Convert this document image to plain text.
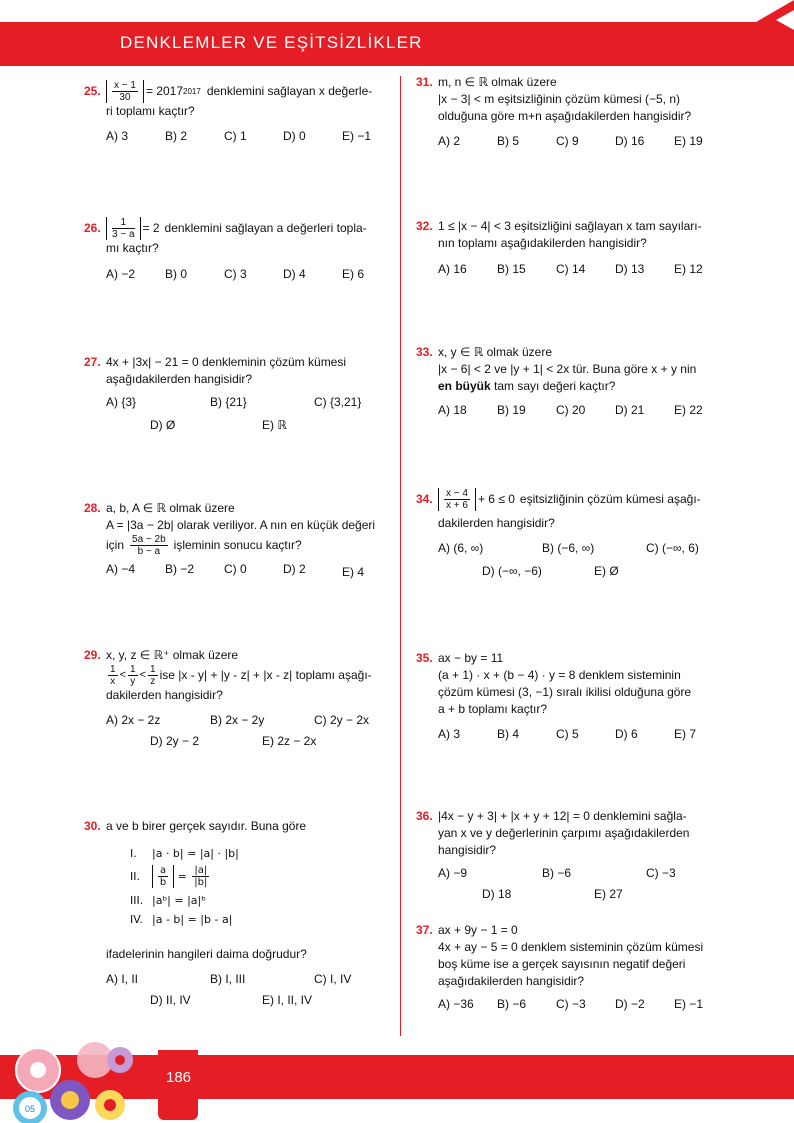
DENKLEMLER VE EŞİTSİZLİKLER
25.	$\frac{x - 1}{30} = 2017$ 2017 denklemini sağlayan x değerle-
ri toplamı kaçtır?
A) 3	B) 2	C) 1	D) 0	E) −1
26.	$\frac{1}{3 - a} = 2$ denklemini sağlayan a değerleri topla-
mı kaçtır?
A) −2	B) 0	C) 3	D) 4	E) 6
27. 4x + |3x| − 21 = 0 denkleminin çözüm kümesi
aşağıdakilerden hangisidir?
A) {3}	B) {21}	C) {3,21}
D) Ø	E) ℝ
28. a, b, A ∈ ℝ olmak üzere
A = |3a − 2b| olarak veriliyor. A nın en küçük değeri
için $\frac{5a - 2b}{b - a}$ işleminin sonucu kaçtır?
A) −4	B) −2	C) 0	D) 2	E) 4
29. x, y, z ∈ ℝ⁺ olmak üzere
$\frac{1}{x} < \frac{1}{y} < \frac{1}{z}$ ise |x - y| + |y - z| + |x - z| toplamı aşağı-
dakilerden hangisidir?
A) 2x − 2z	B) 2x − 2y	C) 2y − 2x
D) 2y − 2	E) 2z − 2x
30. a ve b birer gerçek sayıdır. Buna göre
I.	|a · b| = |a| · |b|
II.	$\frac{a}{b} = \frac{|a|}{|b|}$
III. |aᵇ| = |a|ᵇ
IV. |a - b| = |b - a|
ifadelerinin hangileri daima doğrudur?
A) I, II	B) I, III	C) I, IV
D) II, IV	E) I, II, IV
31. m, n ∈ ℝ olmak üzere
|x − 3| < m eşitsizliğinin çözüm kümesi (−5, n)
olduğuna göre m+n aşağıdakilerden hangisidir?
A) 2	B) 5	C) 9	D) 16	E) 19
32. 1 ≤ |x − 4| < 3 eşitsizliğini sağlayan x tam sayıları-
nın toplamı aşağıdakilerden hangisidir?
A) 16	B) 15	C) 14	D) 13	E) 12
33. x, y ∈ ℝ olmak üzere
|x − 6| < 2 ve |y + 1| < 2x tür. Buna göre x + y nin
en büyük tam sayı değeri kaçtır?
A) 18	B) 19	C) 20	D) 21	E) 22
34.	$\frac{x - 4}{x + 6} + 6 \le 0$ eşitsizliğinin çözüm kümesi aşağı-
dakilerden hangisidir?
A) (6, ∞)	B) (−6, ∞)	C) (−∞, 6)
D) (−∞, −6)	E) Ø
35. ax − by = 11
(a + 1) · x + (b − 4) · y = 8 denklem sisteminin
çözüm kümesi (3, −1) sıralı ikilisi olduğuna göre
a + b toplamı kaçtır?
A) 3	B) 4	C) 5	D) 6	E) 7
36. |4x − y + 3| + |x + y + 12| = 0 denklemini sağla-
yan x ve y değerlerinin çarpımı aşağıdakilerden
hangisidir?
A) −9	B) −6	C) −3
D) 18	E) 27
37. ax + 9y − 1 = 0
4x + ay − 5 = 0 denklem sisteminin çözüm kümesi
boş küme ise a gerçek sayısının negatif değeri
aşağıdakilerden hangisidir?
A) −36	B) −6	C) −3	D) −2	E) −1
05
186
